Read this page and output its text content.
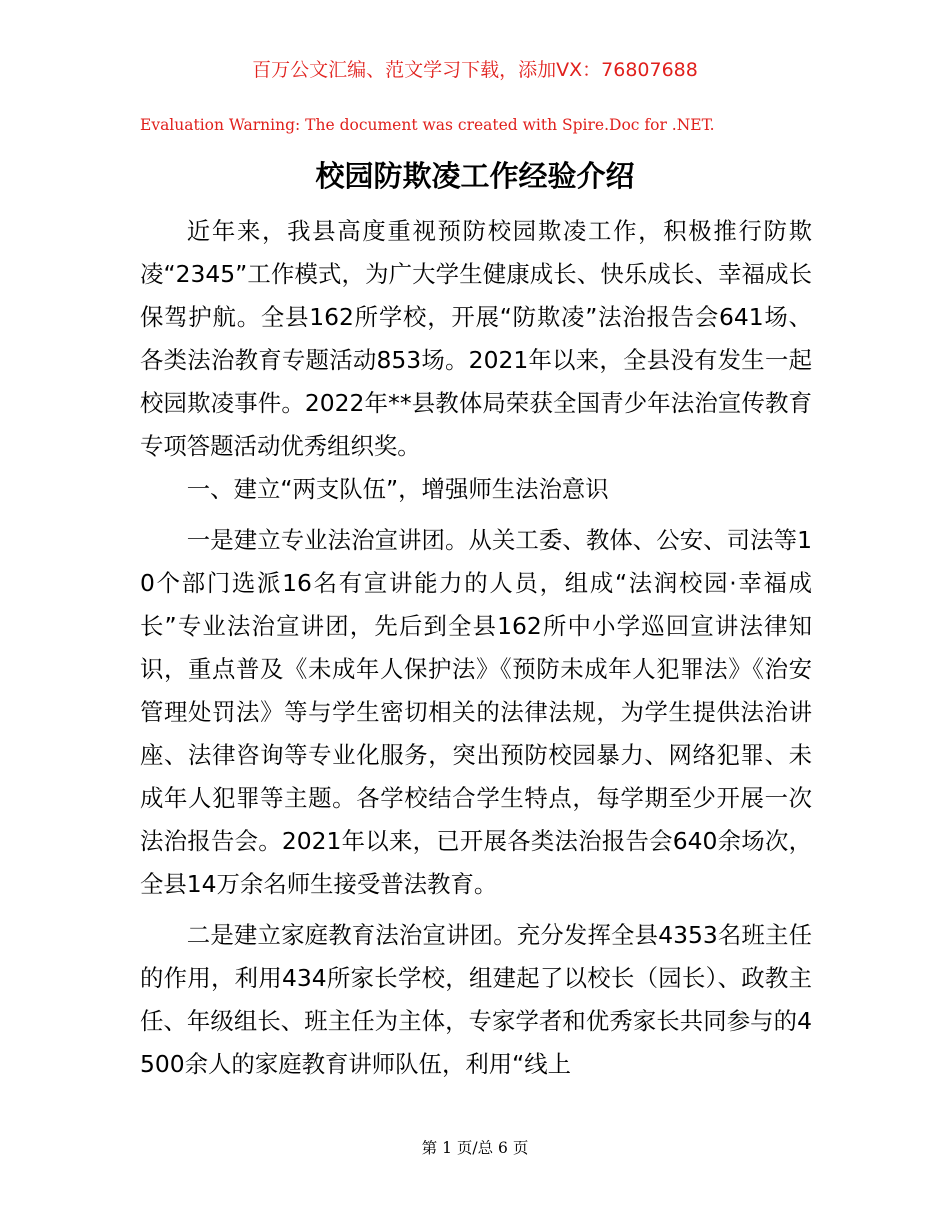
百万公文汇编、范文学习下载，添加VX：76807688
Evaluation Warning: The document was created with Spire.Doc for .NET.
校园防欺凌工作经验介绍

近年来，我县高度重视预防校园欺凌工作，积极推行防欺凌“2345”工作模式，为广大学生健康成长、快乐成长、幸福成长保驾护航。全县162所学校，开展“防欺凌”法治报告会641场、各类法治教育专题活动853场。2021年以来，全县没有发生一起校园欺凌事件。2022年**县教体局荣获全国青少年法治宣传教育专项答题活动优秀组织奖。

一、建立“两支队伍”，增强师生法治意识

一是建立专业法治宣讲团。从关工委、教体、公安、司法等10个部门选派16名有宣讲能力的人员，组成“法润校园·幸福成长”专业法治宣讲团，先后到全县162所中小学巡回宣讲法律知识，重点普及《未成年人保护法》《预防未成年人犯罪法》《治安管理处罚法》等与学生密切相关的法律法规，为学生提供法治讲座、法律咨询等专业化服务，突出预防校园暴力、网络犯罪、未成年人犯罪等主题。各学校结合学生特点，每学期至少开展一次法治报告会。2021年以来，已开展各类法治报告会640余场次，全县14万余名师生接受普法教育。

二是建立家庭教育法治宣讲团。充分发挥全县4353名班主任的作用，利用434所家长学校，组建起了以校长（园长）、政教主任、年级组长、班主任为主体，专家学者和优秀家长共同参与的4500余人的家庭教育讲师队伍，利用“线上

第 1 页/总 6 页
